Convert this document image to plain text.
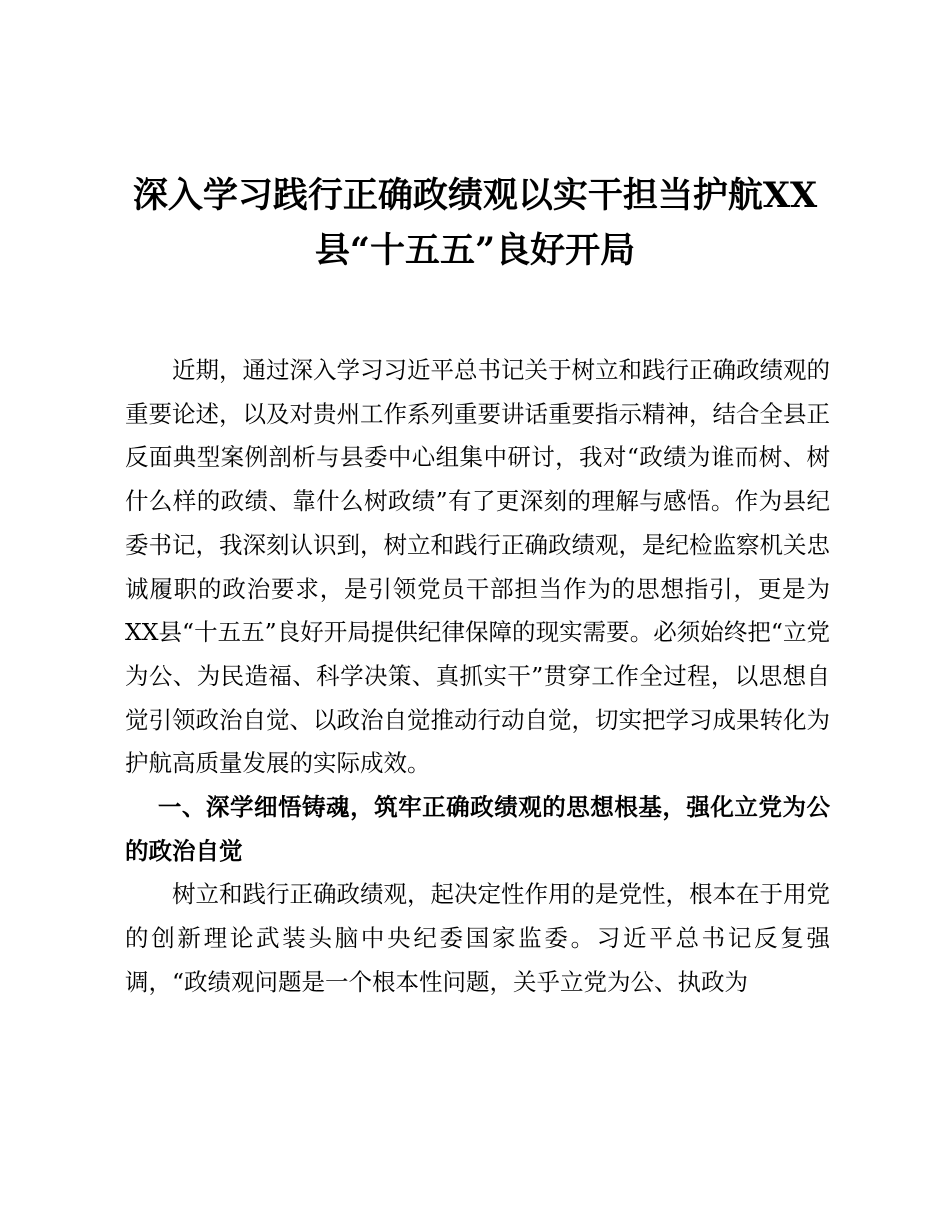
深入学习践行正确政绩观以实干担当护航XX
县“十五五”良好开局

近期，通过深入学习习近平总书记关于树立和践行正确政绩观的重要论述，以及对贵州工作系列重要讲话重要指示精神，结合全县正反面典型案例剖析与县委中心组集中研讨，我对“政绩为谁而树、树什么样的政绩、靠什么树政绩”有了更深刻的理解与感悟。作为县纪委书记，我深刻认识到，树立和践行正确政绩观，是纪检监察机关忠诚履职的政治要求，是引领党员干部担当作为的思想指引，更是为XX县“十五五”良好开局提供纪律保障的现实需要。必须始终把“立党为公、为民造福、科学决策、真抓实干”贯穿工作全过程，以思想自觉引领政治自觉、以政治自觉推动行动自觉，切实把学习成果转化为护航高质量发展的实际成效。

一、深学细悟铸魂，筑牢正确政绩观的思想根基，强化立党为公的政治自觉

树立和践行正确政绩观，起决定性作用的是党性，根本在于用党的创新理论武装头脑中央纪委国家监委。习近平总书记反复强调，“政绩观问题是一个根本性问题，关乎立党为公、执政为
